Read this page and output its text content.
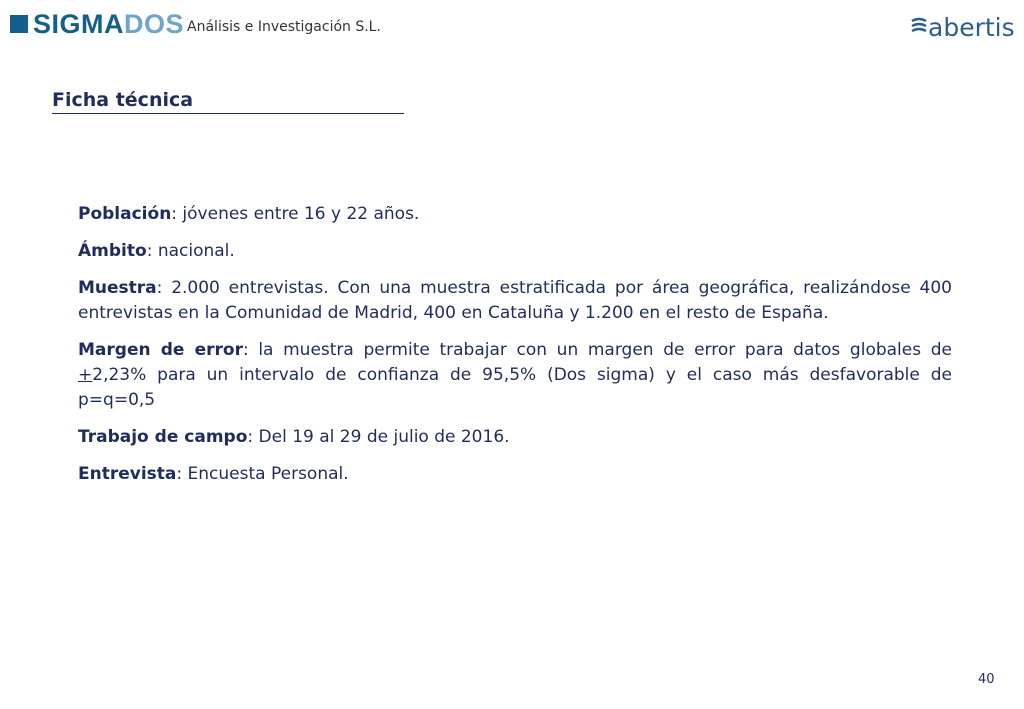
SIGMA DOS Análisis e Investigación S.L.	abertis
Ficha técnica

Población: jóvenes entre 16 y 22 años.

Ámbito: nacional.

Muestra: 2.000 entrevistas. Con una muestra estratificada por área geográfica, realizándose 400 entrevistas en la Comunidad de Madrid, 400 en Cataluña y 1.200 en el resto de España.

Margen de error: la muestra permite trabajar con un margen de error para datos globales de +2,23% para un intervalo de confianza de 95,5% (Dos sigma) y el caso más desfavorable de p=q=0,5

Trabajo de campo: Del 19 al 29 de julio de 2016.

Entrevista: Encuesta Personal.

40
